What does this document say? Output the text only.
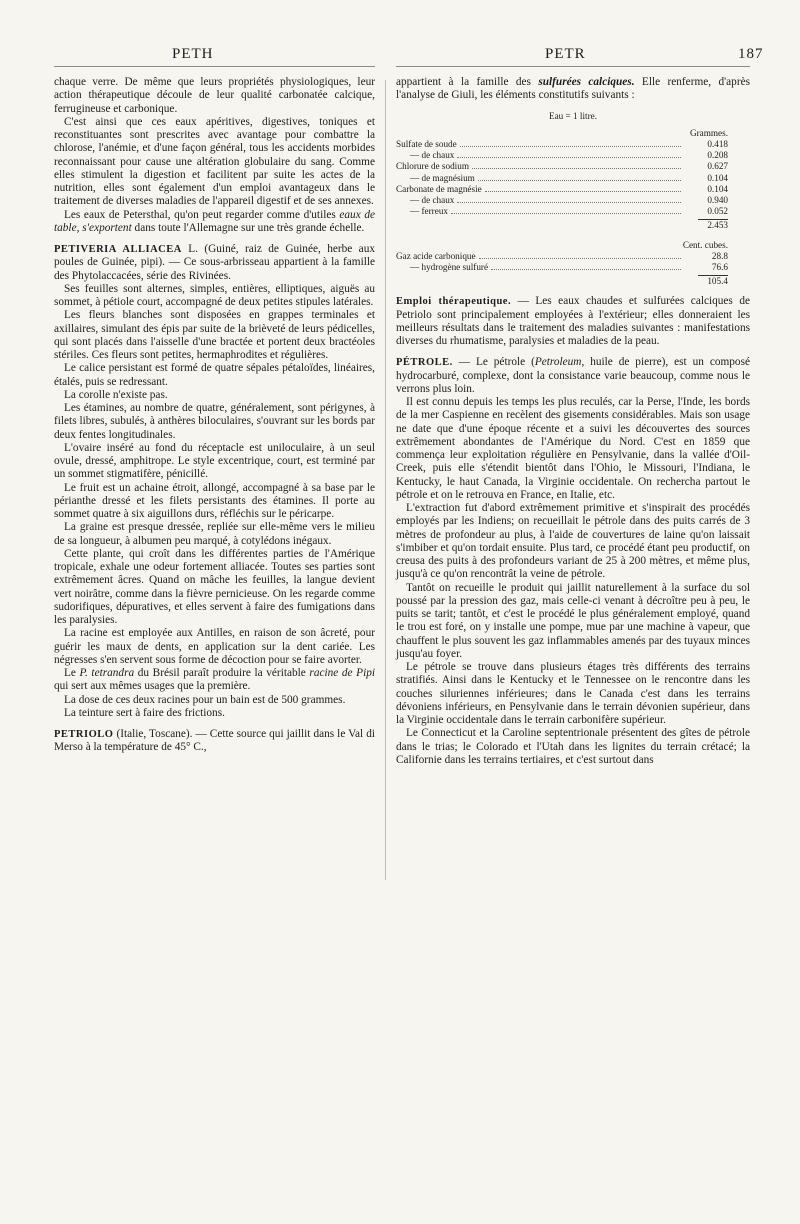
PETH	PETR	187

chaque verre. De même que leurs propriétés physiologiques, leur action thérapeutique découle de leur qualité carbonatée calcique, ferrugineuse et carbonique.

C'est ainsi que ces eaux apéritives, digestives, toniques et reconstituantes sont prescrites avec avantage pour combattre la chlorose, l'anémie, et d'une façon général, tous les accidents morbides reconnaissant pour cause une altération globulaire du sang. Comme elles stimulent la digestion et facilitent par suite les actes de la nutrition, elles sont également d'un emploi avantageux dans le traitement de diverses maladies de l'appareil digestif et de ses annexes.

Les eaux de Petersthal, qu'on peut regarder comme d'utiles eaux de table, s'exportent dans toute l'Allemagne sur une très grande échelle.

PETIVERIA ALLIACEA L. (Guiné, raiz de Guinée, herbe aux poules de Guinée, pipi). — Ce sous-arbrisseau appartient à la famille des Phytolaccacées, série des Rivinées.

Ses feuilles sont alternes, simples, entières, elliptiques, aiguës au sommet, à pétiole court, accompagné de deux petites stipules latérales.

Les fleurs blanches sont disposées en grappes terminales et axillaires, simulant des épis par suite de la brièveté de leurs pédicelles, qui sont placés dans l'aisselle d'une bractée et portent deux bractéoles stériles. Ces fleurs sont petites, hermaphrodites et régulières.

Le calice persistant est formé de quatre sépales pétaloïdes, linéaires, étalés, puis se redressant.

La corolle n'existe pas.

Les étamines, au nombre de quatre, généralement, sont périgynes, à filets libres, subulés, à anthères biloculaires, s'ouvrant sur les bords par deux fentes longitudinales.

L'ovaire inséré au fond du réceptacle est uniloculaire, à un seul ovule, dressé, amphitrope. Le style excentrique, court, est terminé par un sommet stigmatifère, pénicillé.

Le fruit est un achaine étroit, allongé, accompagné à sa base par le périanthe dressé et les filets persistants des étamines. Il porte au sommet quatre à six aiguillons durs, réfléchis sur le péricarpe.

La graine est presque dressée, repliée sur elle-même vers le milieu de sa longueur, à albumen peu marqué, à cotylédons inégaux.

Cette plante, qui croît dans les différentes parties de l'Amérique tropicale, exhale une odeur fortement alliacée. Toutes ses parties sont extrêmement âcres. Quand on mâche les feuilles, la langue devient vert noirâtre, comme dans la fièvre pernicieuse. On les regarde comme sudorifiques, dépuratives, et elles servent à faire des fumigations dans les paralysies.

La racine est employée aux Antilles, en raison de son âcreté, pour guérir les maux de dents, en application sur la dent cariée. Les négresses s'en servent sous forme de décoction pour se faire avorter.

Le P. tetrandra du Brésil paraît produire la véritable racine de Pipi qui sert aux mêmes usages que la première.

La dose de ces deux racines pour un bain est de 500 grammes.

La teinture sert à faire des frictions.

PETRIOLO (Italie, Toscane). — Cette source qui jaillit dans le Val di Merso à la température de 45° C.,

appartient à la famille des sulfurées calciques. Elle renferme, d'après l'analyse de Giuli, les éléments constitutifs suivants :

Eau = 1 litre.
Grammes.
Sulfate de soude	0.418
— de chaux	0.208
Chlorure de sodium	0.627
— de magnésium	0.104
Carbonate de magnésie	0.104
— de chaux	0.940
— ferreux	0.052
2.453
Cent. cubes.
Gaz acide carbonique	28.8
— hydrogène sulfuré	76.6
105.4

Emploi thérapeutique. — Les eaux chaudes et sulfurées calciques de Petriolo sont principalement employées à l'extérieur; elles donneraient les meilleurs résultats dans le traitement des maladies suivantes : manifestations diverses du rhumatisme, paralysies et maladies de la peau.

PÉTROLE. — Le pétrole (Petroleum, huile de pierre), est un composé hydrocarburé, complexe, dont la consistance varie beaucoup, comme nous le verrons plus loin.

Il est connu depuis les temps les plus reculés, car la Perse, l'Inde, les bords de la mer Caspienne en recèlent des gisements considérables. Mais son usage ne date que d'une époque récente et a suivi les découvertes des sources extrêmement abondantes de l'Amérique du Nord. C'est en 1859 que commença leur exploitation régulière en Pensylvanie, dans la vallée d'Oil-Creek, puis elle s'étendit bientôt dans l'Ohio, le Missouri, l'Indiana, le Kentucky, le haut Canada, la Virginie occidentale. On rechercha partout le pétrole et on le retrouva en France, en Italie, etc.

L'extraction fut d'abord extrêmement primitive et s'inspirait des procédés employés par les Indiens; on recueillait le pétrole dans des puits carrés de 3 mètres de profondeur au plus, à l'aide de couvertures de laine qu'on laissait s'imbiber et qu'on tordait ensuite. Plus tard, ce procédé étant peu productif, on creusa des puits à des profondeurs variant de 25 à 200 mètres, et même plus, jusqu'à ce qu'on rencontrât la veine de pétrole.

Tantôt on recueille le produit qui jaillit naturellement à la surface du sol poussé par la pression des gaz, mais celle-ci venant à décroître peu à peu, le puits se tarit; tantôt, et c'est le procédé le plus généralement employé, quand le trou est foré, on y installe une pompe, mue par une machine à vapeur, que chauffent le plus souvent les gaz inflammables amenés par des tuyaux minces jusqu'au foyer.

Le pétrole se trouve dans plusieurs étages très différents des terrains stratifiés. Ainsi dans le Kentucky et le Tennessee on le rencontre dans les couches siluriennes inférieures; dans le Canada c'est dans les terrains dévoniens inférieurs, en Pensylvanie dans le terrain dévonien supérieur, dans la Virginie occidentale dans le terrain carbonifère supérieur.

Le Connecticut et la Caroline septentrionale présentent des gîtes de pétrole dans le trias; le Colorado et l'Utah dans les lignites du terrain crétacé; la Californie dans les terrains tertiaires, et c'est surtout dans
